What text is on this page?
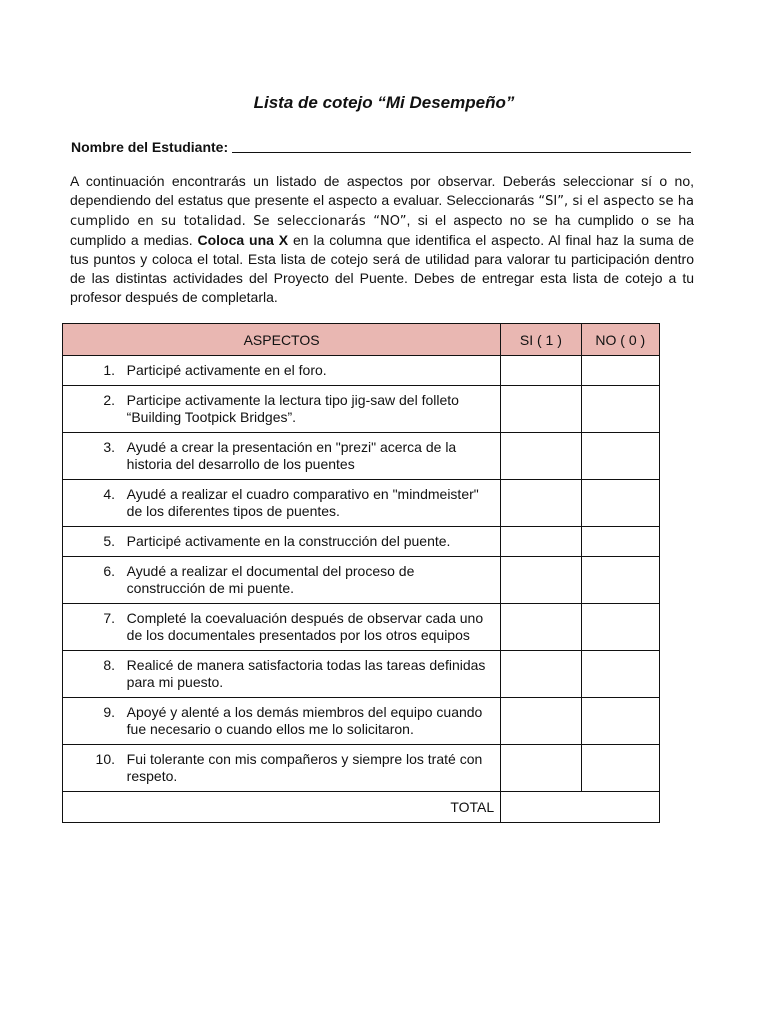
Lista de cotejo “Mi Desempeño”
Nombre del Estudiante:

A continuación encontrarás un listado de aspectos por observar. Deberás seleccionar sí o no, dependiendo del estatus que presente el aspecto a evaluar. Seleccionarás “SI”, si el aspecto se ha cumplido en su totalidad. Se seleccionarás “NO”, si el aspecto no se ha cumplido o se ha cumplido a medias. Coloca una X en la columna que identifica el aspecto. Al final haz la suma de tus puntos y coloca el total. Esta lista de cotejo será de utilidad para valorar tu participación dentro de las distintas actividades del Proyecto del Puente. Debes de entregar esta lista de cotejo a tu profesor después de completarla.

ASPECTOS	SI ( 1 )	NO ( 0 )

1.
Participé activamente en el foro.		

2.
Participe activamente la lectura tipo jig-saw del folleto “Building Tootpick Bridges”.		

3.
Ayudé a crear la presentación en "prezi" acerca de la historia del desarrollo de los puentes		

4.
Ayudé a realizar el cuadro comparativo en "mindmeister" de los diferentes tipos de puentes.		

5.
Participé activamente en la construcción del puente.		

6.
Ayudé a realizar el documental del proceso de construcción de mi puente.		

7.
Completé la coevaluación después de observar cada uno de los documentales presentados por los otros equipos		

8.
Realicé de manera satisfactoria todas las tareas definidas para mi puesto.		

9.
Apoyé y alenté a los demás miembros del equipo cuando fue necesario o cuando ellos me lo solicitaron.		

10.
Fui tolerante con mis compañeros y siempre los traté con respeto.		

TOTAL		
